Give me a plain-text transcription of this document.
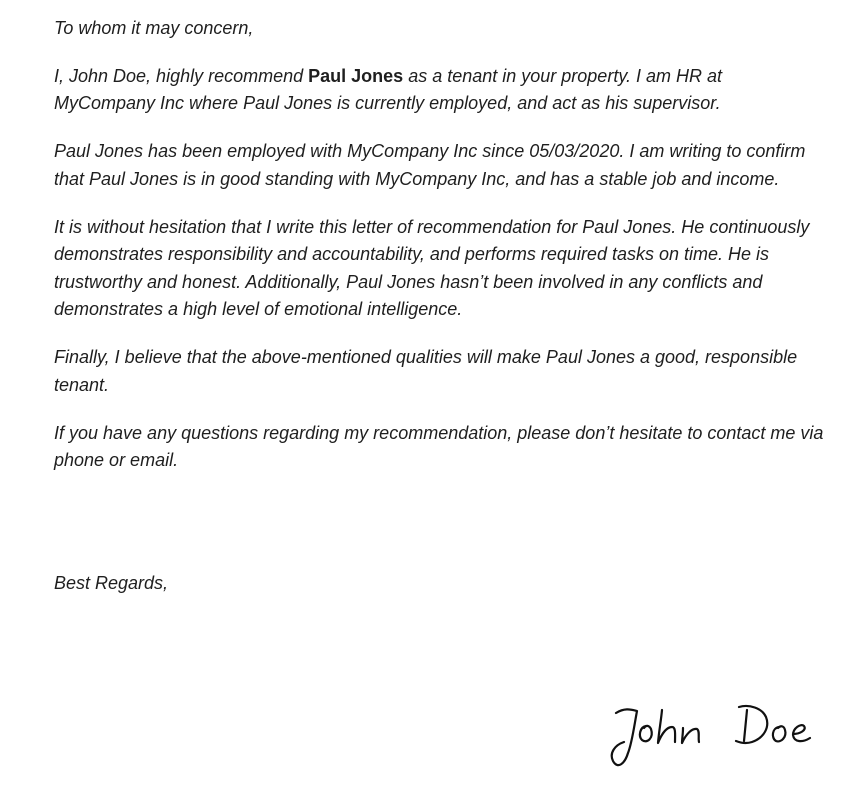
To whom it may concern,

I, John Doe, highly recommend Paul Jones as a tenant in your property. I am HR at MyCompany Inc where Paul Jones is currently employed, and act as his supervisor.

Paul Jones has been employed with MyCompany Inc since 05/03/2020. I am writing to confirm that Paul Jones is in good standing with MyCompany Inc, and has a stable job and income.

It is without hesitation that I write this letter of recommendation for Paul Jones. He continuously demonstrates responsibility and accountability, and performs required tasks on time. He is trustworthy and honest. Additionally, Paul Jones hasn’t been involved in any conflicts and demonstrates a high level of emotional intelligence.

Finally, I believe that the above-mentioned qualities will make Paul Jones a good, responsible tenant.

If you have any questions regarding my recommendation, please don’t hesitate to contact me via phone or email.

Best Regards,
